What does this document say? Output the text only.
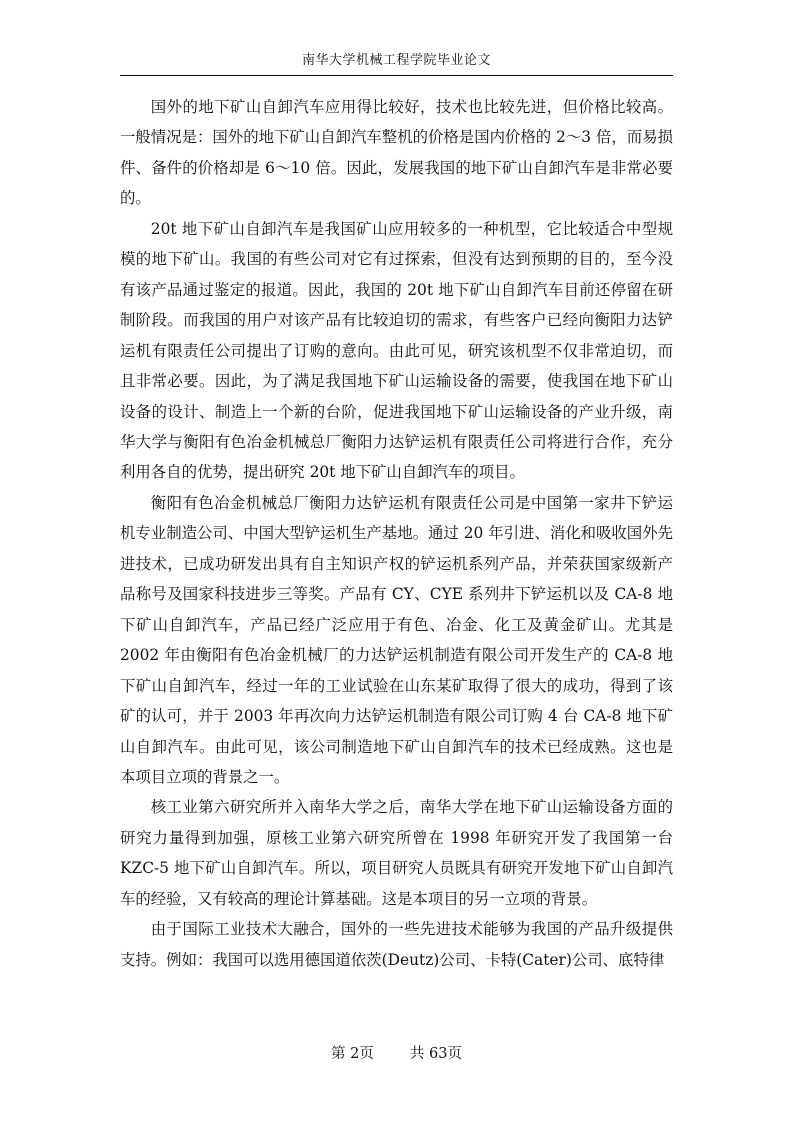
南华大学机械工程学院毕业论文

国外的地下矿山自卸汽车应用得比较好，技术也比较先进，但价格比较高。一般情况是：国外的地下矿山自卸汽车整机的价格是国内价格的 2～3 倍，而易损件、备件的价格却是 6～10 倍。因此，发展我国的地下矿山自卸汽车是非常必要的。

20t 地下矿山自卸汽车是我国矿山应用较多的一种机型，它比较适合中型规模的地下矿山。我国的有些公司对它有过探索，但没有达到预期的目的，至今没有该产品通过鉴定的报道。因此，我国的 20t 地下矿山自卸汽车目前还停留在研制阶段。而我国的用户对该产品有比较迫切的需求，有些客户已经向衡阳力达铲运机有限责任公司提出了订购的意向。由此可见，研究该机型不仅非常迫切，而且非常必要。因此，为了满足我国地下矿山运输设备的需要，使我国在地下矿山设备的设计、制造上一个新的台阶，促进我国地下矿山运输设备的产业升级，南华大学与衡阳有色冶金机械总厂衡阳力达铲运机有限责任公司将进行合作，充分利用各自的优势，提出研究 20t 地下矿山自卸汽车的项目。

衡阳有色冶金机械总厂衡阳力达铲运机有限责任公司是中国第一家井下铲运机专业制造公司、中国大型铲运机生产基地。通过 20 年引进、消化和吸收国外先进技术，已成功研发出具有自主知识产权的铲运机系列产品，并荣获国家级新产品称号及国家科技进步三等奖。产品有 CY、CYE 系列井下铲运机以及 CA-8 地下矿山自卸汽车，产品已经广泛应用于有色、冶金、化工及黄金矿山。尤其是 2002 年由衡阳有色冶金机械厂的力达铲运机制造有限公司开发生产的 CA-8 地下矿山自卸汽车，经过一年的工业试验在山东某矿取得了很大的成功，得到了该矿的认可，并于 2003 年再次向力达铲运机制造有限公司订购 4 台 CA-8 地下矿山自卸汽车。由此可见，该公司制造地下矿山自卸汽车的技术已经成熟。这也是本项目立项的背景之一。

核工业第六研究所并入南华大学之后，南华大学在地下矿山运输设备方面的研究力量得到加强，原核工业第六研究所曾在 1998 年研究开发了我国第一台 KZC-5 地下矿山自卸汽车。所以，项目研究人员既具有研究开发地下矿山自卸汽车的经验，又有较高的理论计算基础。这是本项目的另一立项的背景。

由于国际工业技术大融合，国外的一些先进技术能够为我国的产品升级提供支持。例如：我国可以选用德国道依茨(Deutz)公司、卡特(Cater)公司、底特律

第 2页 共 63页
